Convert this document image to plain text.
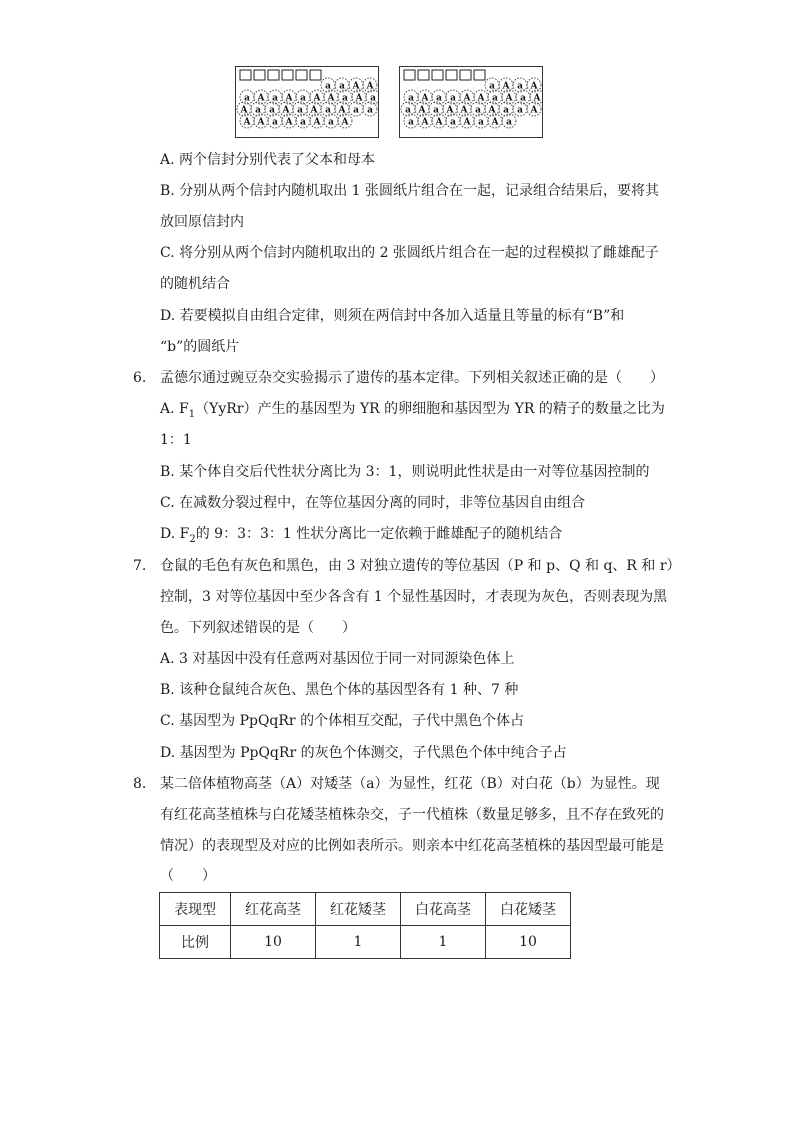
a a A A
a A a A a A A a A a
A a a A a A a A a a
A A a A a A a A
a A a A
a A a a A A a A a A
a A a A A a A a a A
a A A a A a A a
A. 两个信封分别代表了父本和母本
B. 分别从两个信封内随机取出 1 张圆纸片组合在一起，记录组合结果后，要将其
放回原信封内
C. 将分别从两个信封内随机取出的 2 张圆纸片组合在一起的过程模拟了雌雄配子
的随机结合
D. 若要模拟自由组合定律，则须在两信封中各加入适量且等量的标有“B”和
“b”的圆纸片
6. 孟德尔通过豌豆杂交实验揭示了遗传的基本定律。下列相关叙述正确的是（　　）
A. $F_1(YyRr)$产生的基因型为 YR 的卵细胞和基因型为 YR 的精子的数量之比为
1：1
B. 某个体自交后代性状分离比为 3：1，则说明此性状是由一对等位基因控制的
C. 在减数分裂过程中，在等位基因分离的同时，非等位基因自由组合
D. $F_2$的 9：3：3：1 性状分离比一定依赖于雌雄配子的随机结合
7. 仓鼠的毛色有灰色和黑色，由 3 对独立遗传的等位基因（P 和 p、Q 和 q、R 和 r）
控制，3 对等位基因中至少各含有 1 个显性基因时，才表现为灰色，否则表现为黑
色。下列叙述错误的是（　　）
A. 3 对基因中没有任意两对基因位于同一对同源染色体上
B. 该种仓鼠纯合灰色、黑色个体的基因型各有 1 种、7 种
C. 基因型为 PpQqRr 的个体相互交配，子代中黑色个体占
D. 基因型为 PpQqRr 的灰色个体测交，子代黑色个体中纯合子占
8. 某二倍体植物高茎（A）对矮茎（a）为显性，红花（B）对白花（b）为显性。现
有红花高茎植株与白花矮茎植株杂交，子一代植株（数量足够多，且不存在致死的
情况）的表现型及对应的比例如表所示。则亲本中红花高茎植株的基因型最可能是
（　　）
表现型	红花高茎	红花矮茎	白花高茎	白花矮茎
比例	10	1	1	10
